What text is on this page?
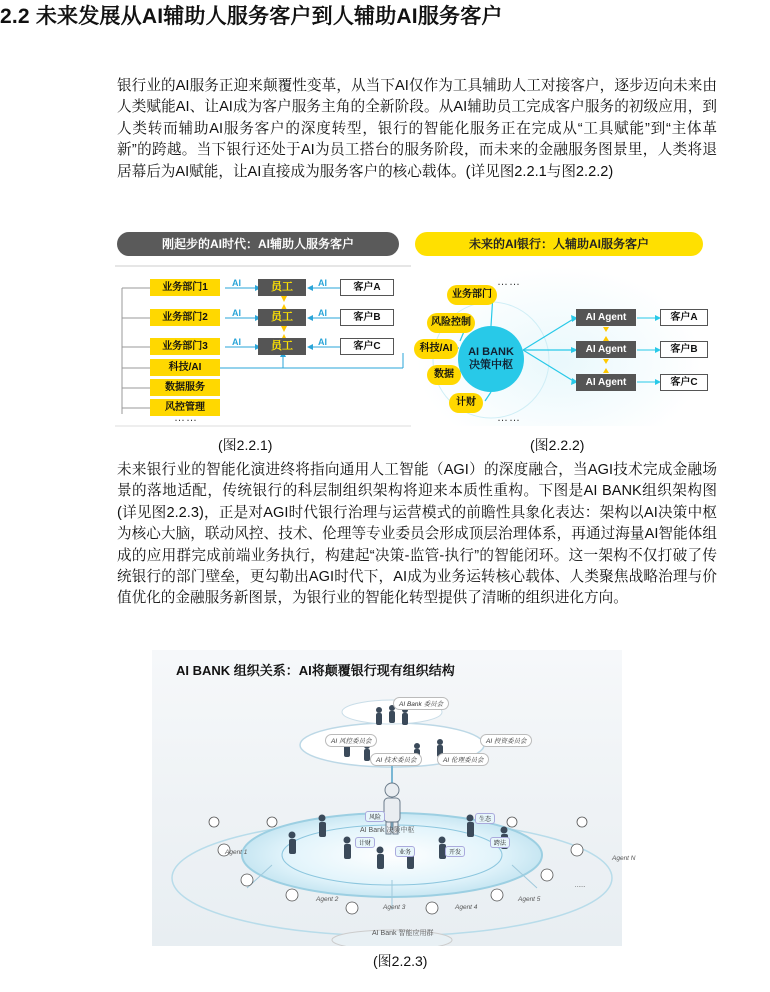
2.2 未来发展从AI辅助人服务客户到人辅助AI服务客户
银行业的AI服务正迎来颠覆性变革，从当下AI仅作为工具辅助人工对接客户，逐步迈向未来由人类赋能AI、让AI成为客户服务主角的全新阶段。从AI辅助员工完成客户服务的初级应用，到人类转而辅助AI服务客户的深度转型，银行的智能化服务正在完成从“工具赋能”到“主体革新”的跨越。当下银行还处于AI为员工搭台的服务阶段，而未来的金融服务图景里，人类将退居幕后为AI赋能，让AI直接成为服务客户的核心载体。(详见图2.2.1与图2.2.2)
刚起步的AI时代：AI辅助人服务客户
业务部门1
业务部门2
业务部门3
科技/AI
数据服务
风控管理
AI
AI
AI
AI
AI
AI
员工
员工
员工
客户A
客户B
客户C
……
(图2.2.1)
未来的AI银行：人辅助AI服务客户
……
业务部门
风险控制
科技/AI
数据
计财
……
AI BANK 决策中枢
AI Agent
AI Agent
AI Agent
客户A
客户B
客户C
(图2.2.2)
未来银行业的智能化演进终将指向通用人工智能（AGI）的深度融合，当AGI技术完成金融场景的落地适配，传统银行的科层制组织架构将迎来本质性重构。下图是AI BANK组织架构图(详见图2.2.3)，正是对AGI时代银行治理与运营模式的前瞻性具象化表达：架构以AI决策中枢为核心大脑，联动风控、技术、伦理等专业委员会形成顶层治理体系，再通过海量AI智能体组成的应用群完成前端业务执行，构建起“决策-监管-执行”的智能闭环。这一架构不仅打破了传统银行的部门壁垒，更勾勒出AGI时代下，AI成为业务运转核心载体、人类聚焦战略治理与价值优化的金融服务新图景，为银行业的智能化转型提供了清晰的组织进化方向。
AI BANK 组织关系：AI将颠覆银行现有组织结构
AI Bank 委员会
AI 风控委员会	AI 投资委员会
AI 技术委员会	AI 伦理委员会
AI Bank 决策中枢
风险	生态
计财
业务	开发
跨法
Agent 1
Agent 2
Agent 3	Agent 4
Agent 5
Agent N
......
AI Bank 智能应用群
(图2.2.3)
